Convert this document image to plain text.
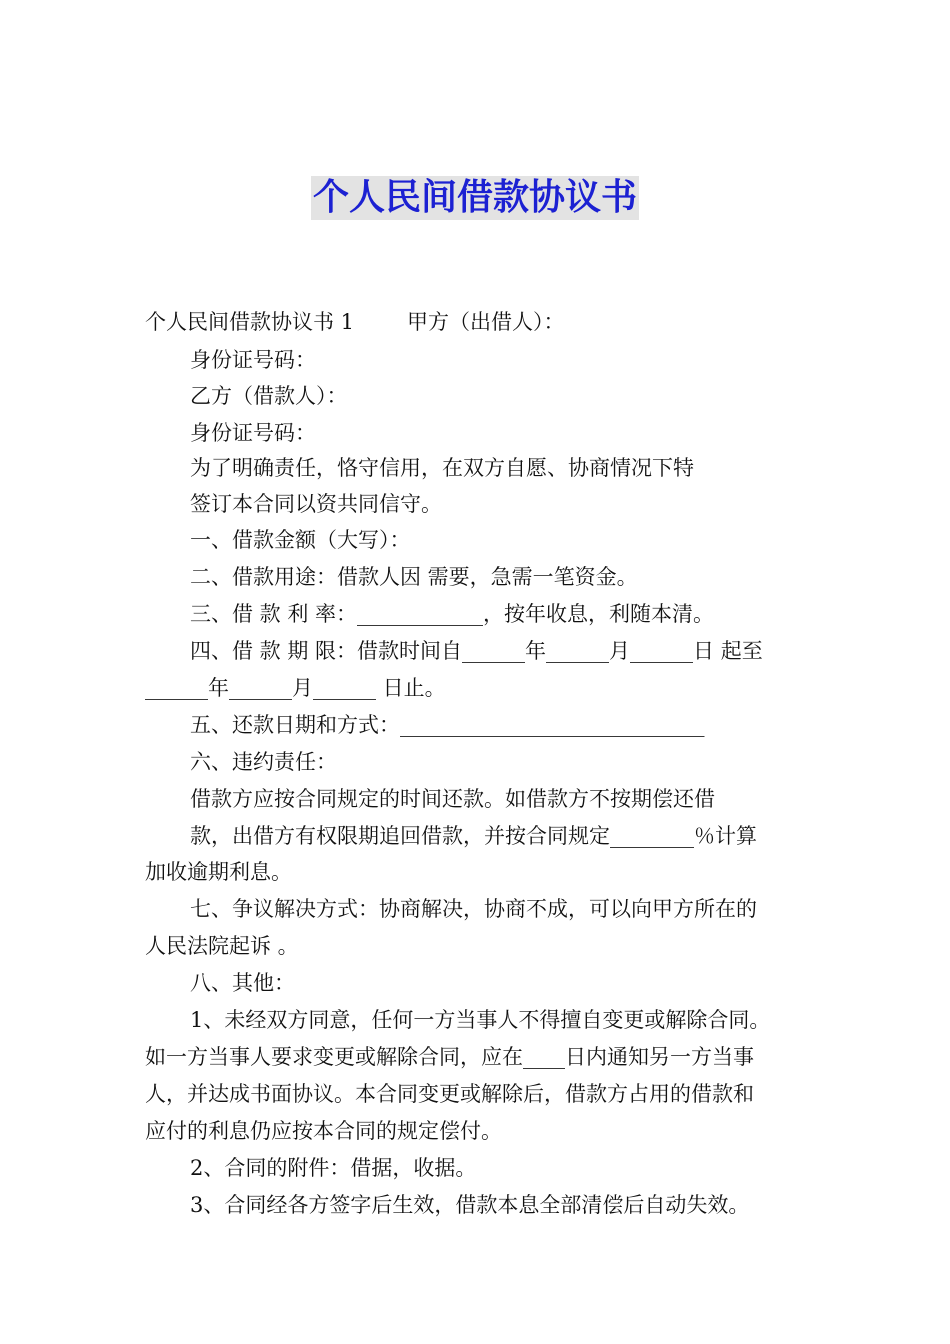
个人民间借款协议书
个人民间借款协议书 1	甲方（出借人）：
身份证号码：
乙方（借款人）：
身份证号码：
为了明确责任，恪守信用，在双方自愿、协商情况下特
签订本合同以资共同信守。
一、借款金额（大写）：
二、借款用途：借款人因 需要，急需一笔资金。
三、借 款 利 率：____________，按年收息，利随本清。
四、借 款 期 限：借款时间自______年______月______日 起至
______年______月______ 日止。
五、还款日期和方式：_____________________________
六、违约责任：
借款方应按合同规定的时间还款。如借款方不按期偿还借
款，出借方有权限期追回借款，并按合同规定________％计算
加收逾期利息。
七、争议解决方式：协商解决，协商不成，可以向甲方所在的
人民法院起诉 。
八、其他：
1、未经双方同意，任何一方当事人不得擅自变更或解除合同。
如一方当事人要求变更或解除合同，应在____日内通知另一方当事
人，并达成书面协议。本合同变更或解除后，借款方占用的借款和
应付的利息仍应按本合同的规定偿付。
2、合同的附件：借据，收据。
3、合同经各方签字后生效，借款本息全部清偿后自动失效。
